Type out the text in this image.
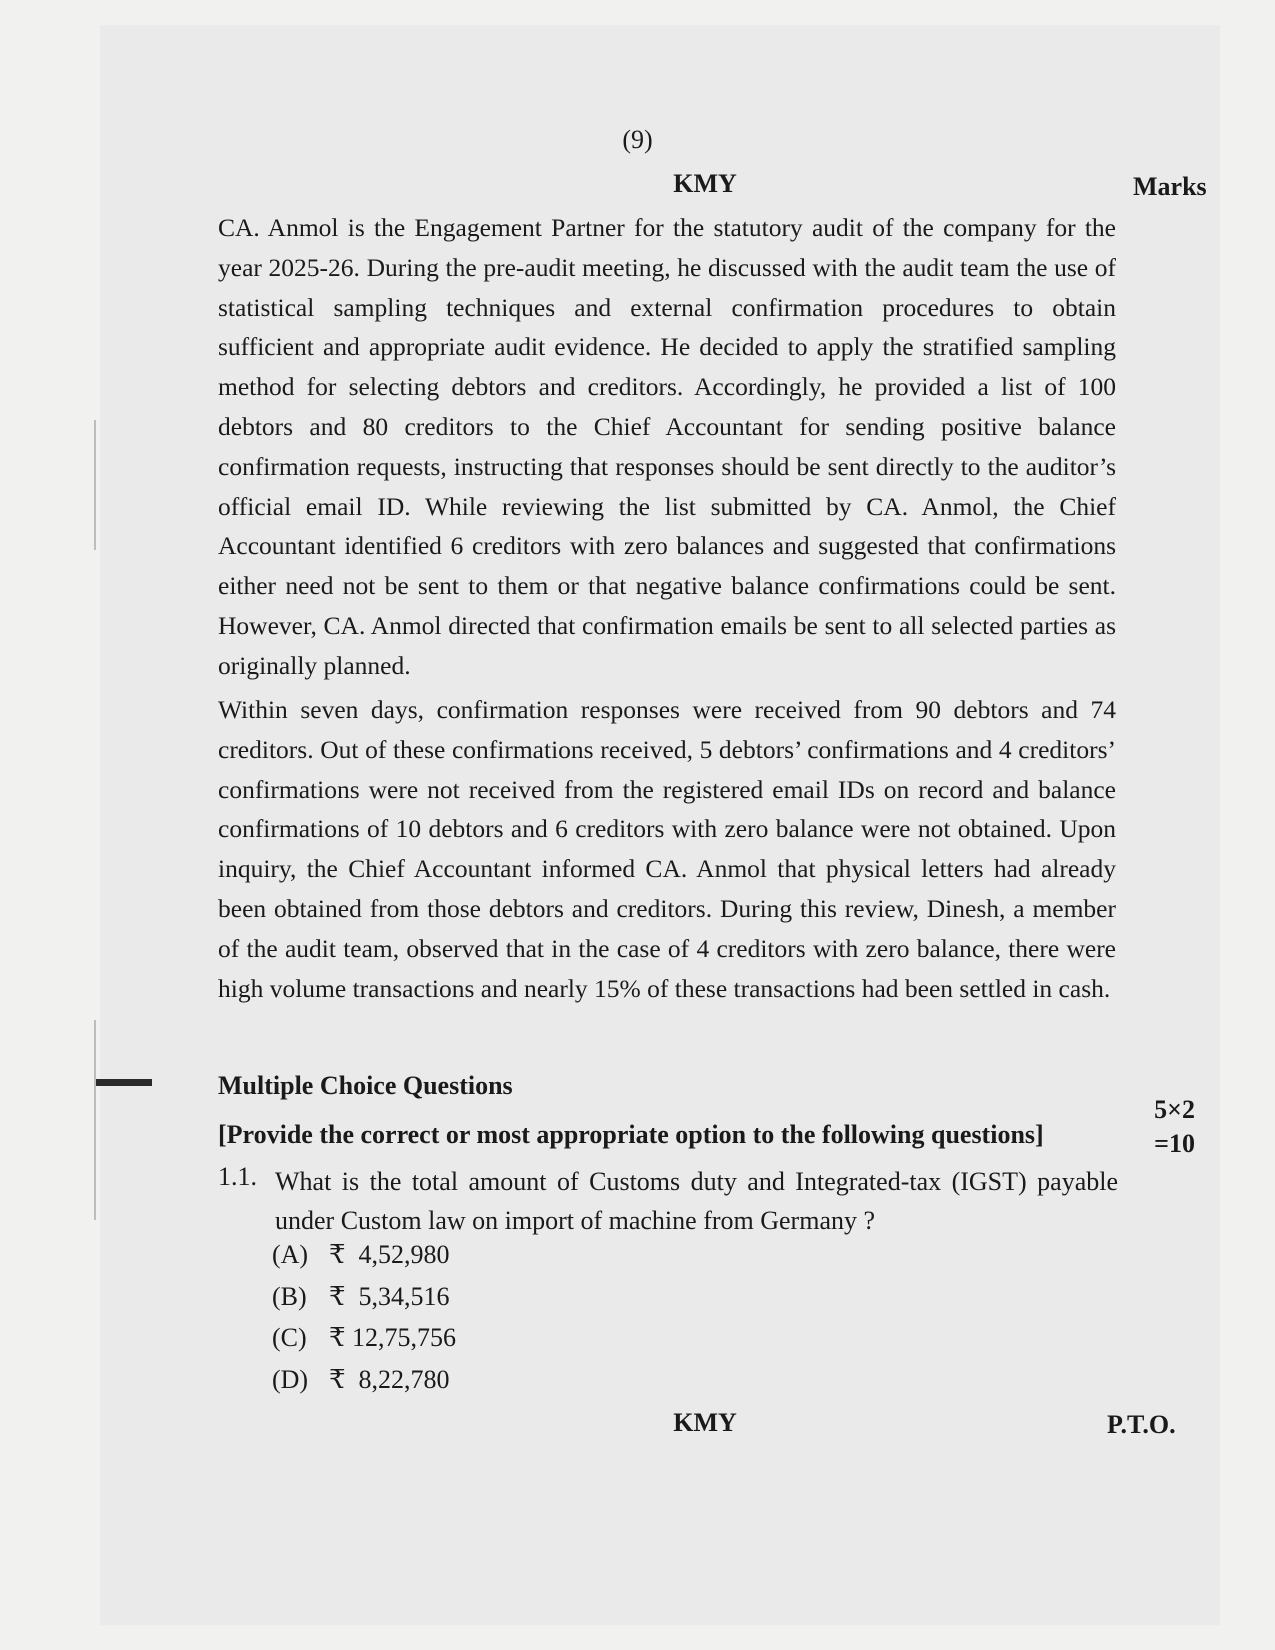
(9)
KMY	Marks
CA. Anmol is the Engagement Partner for the statutory audit of the company for the year 2025-26. During the pre-audit meeting, he discussed with the audit team the use of statistical sampling techniques and external confirmation procedures to obtain sufficient and appropriate audit evidence. He decided to apply the stratified sampling method for selecting debtors and creditors. Accordingly, he provided a list of 100 debtors and 80 creditors to the Chief Accountant for sending positive balance confirmation requests, instructing that responses should be sent directly to the auditor’s official email ID. While reviewing the list submitted by CA. Anmol, the Chief Accountant identified 6 creditors with zero balances and suggested that confirmations either need not be sent to them or that negative balance confirmations could be sent. However, CA. Anmol directed that confirmation emails be sent to all selected parties as originally planned.
Within seven days, confirmation responses were received from 90 debtors and 74 creditors. Out of these confirmations received, 5 debtors’ confirmations and 4 creditors’ confirmations were not received from the registered email IDs on record and balance confirmations of 10 debtors and 6 creditors with zero balance were not obtained. Upon inquiry, the Chief Accountant informed CA. Anmol that physical letters had already been obtained from those debtors and creditors. During this review, Dinesh, a member of the audit team, observed that in the case of 4 creditors with zero balance, there were high volume transactions and nearly 15% of these transactions had been settled in cash.
Multiple Choice Questions
[Provide the correct or most appropriate option to the following questions]
5×2
=10
1.1. What is the total amount of Customs duty and Integrated-tax (IGST) payable under Custom law on import of machine from Germany ?
(A) ₹  4,52,980
(B) ₹  5,34,516
(C) ₹ 12,75,756
(D) ₹  8,22,780
KMY	P.T.O.
